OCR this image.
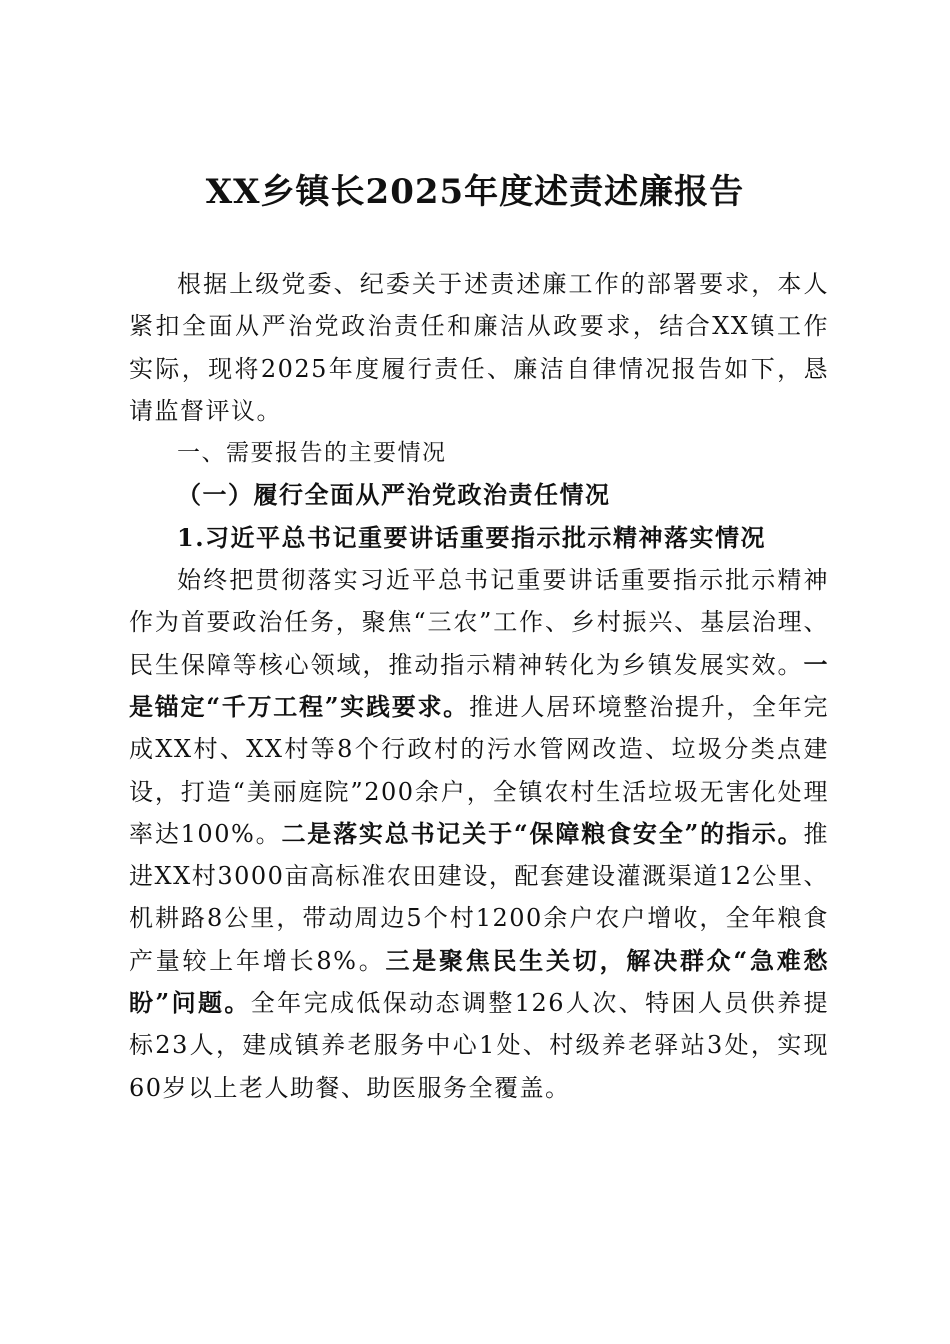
XX乡镇长2025年度述责述廉报告

根据上级党委、纪委关于述责述廉工作的部署要求，本人紧扣全面从严治党政治责任和廉洁从政要求，结合XX镇工作实际，现将2025年度履行责任、廉洁自律情况报告如下，恳请监督评议。

一、需要报告的主要情况

（一）履行全面从严治党政治责任情况

1.习近平总书记重要讲话重要指示批示精神落实情况

始终把贯彻落实习近平总书记重要讲话重要指示批示精神作为首要政治任务，聚焦“三农”工作、乡村振兴、基层治理、民生保障等核心领域，推动指示精神转化为乡镇发展实效。一是锚定“千万工程”实践要求。推进人居环境整治提升，全年完成XX村、XX村等8个行政村的污水管网改造、垃圾分类点建设，打造“美丽庭院”200余户，全镇农村生活垃圾无害化处理率达100%。二是落实总书记关于“保障粮食安全”的指示。推进XX村3000亩高标准农田建设，配套建设灌溉渠道12公里、机耕路8公里，带动周边5个村1200余户农户增收，全年粮食产量较上年增长8%。三是聚焦民生关切，解决群众“急难愁盼”问题。全年完成低保动态调整126人次、特困人员供养提标23人，建成镇养老服务中心1处、村级养老驿站3处，实现60岁以上老人助餐、助医服务全覆盖。
